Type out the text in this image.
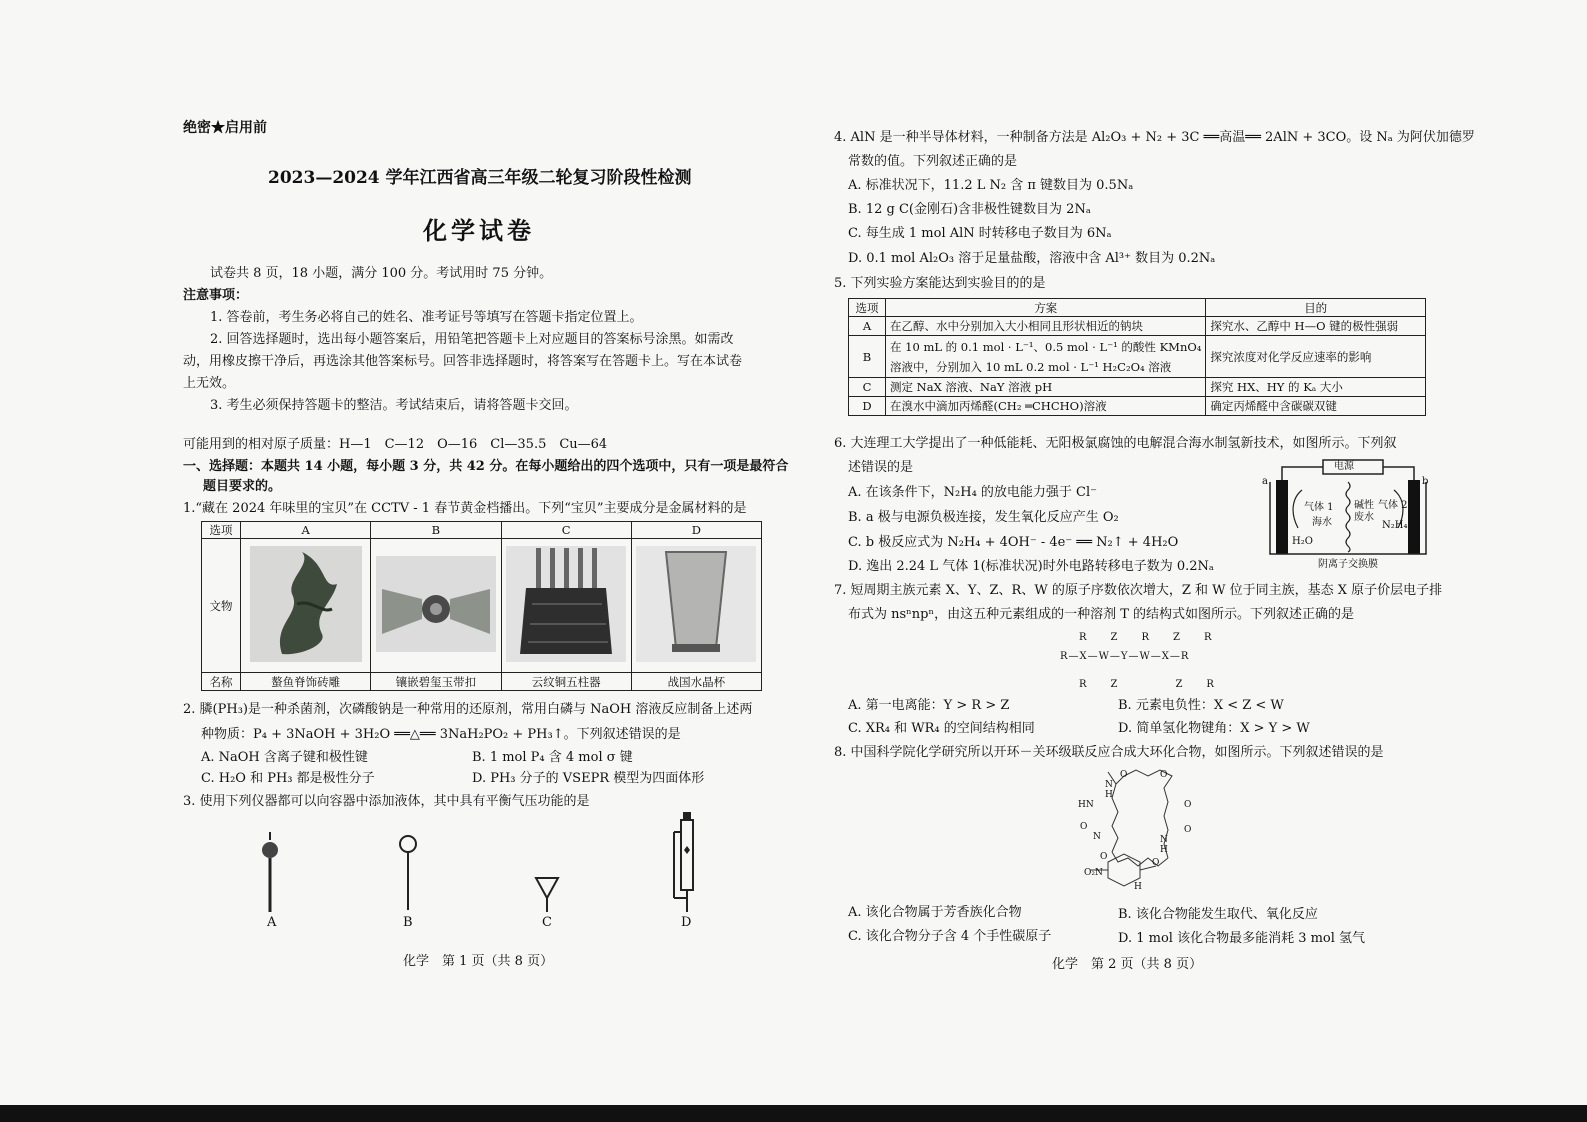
绝密★启用前
2023—2024 学年江西省高三年级二轮复习阶段性检测
化学试卷
试卷共 8 页，18 小题，满分 100 分。考试用时 75 分钟。
注意事项：
1. 答卷前，考生务必将自己的姓名、准考证号等填写在答题卡指定位置上。
2. 回答选择题时，选出每小题答案后，用铅笔把答题卡上对应题目的答案标号涂黑。如需改
动，用橡皮擦干净后，再选涂其他答案标号。回答非选择题时，将答案写在答题卡上。写在本试卷
上无效。
3. 考生必须保持答题卡的整洁。考试结束后，请将答题卡交回。
可能用到的相对原子质量：H—1　C—12　O—16　Cl—35.5　Cu—64
一、选择题：本题共 14 小题，每小题 3 分，共 42 分。在每小题给出的四个选项中，只有一项是最符合
题目要求的。
1.“藏在 2024 年味里的宝贝”在 CCTV - 1 春节黄金档播出。下列“宝贝”主要成分是金属材料的是
选项	A	B	C	D
文物				
名称	螯鱼脊饰砖雕	镶嵌碧玺玉带扣	云纹铜五柱器	战国水晶杯
2. 膦(PH₃)是一种杀菌剂，次磷酸钠是一种常用的还原剂，常用白磷与 NaOH 溶液反应制备上述两
种物质：P₄ + 3NaOH + 3H₂O ══△══ 3NaH₂PO₂ + PH₃↑。下列叙述错误的是
A. NaOH 含离子键和极性键	B. 1 mol P₄ 含 4 mol σ 键
C. H₂O 和 PH₃ 都是极性分子	D. PH₃ 分子的 VSEPR 模型为四面体形
3. 使用下列仪器都可以向容器中添加液体，其中具有平衡气压功能的是
A	B	C	D
化学　第 1 页（共 8 页）
4. AlN 是一种半导体材料，一种制备方法是 Al₂O₃ + N₂ + 3C ══高温══ 2AlN + 3CO。设 Nₐ 为阿伏加德罗
常数的值。下列叙述正确的是
A. 标准状况下，11.2 L N₂ 含 π 键数目为 0.5Nₐ
B. 12 g C(金刚石)含非极性键数目为 2Nₐ
C. 每生成 1 mol AlN 时转移电子数目为 6Nₐ
D. 0.1 mol Al₂O₃ 溶于足量盐酸，溶液中含 Al³⁺ 数目为 0.2Nₐ
5. 下列实验方案能达到实验目的的是
选项	方案	目的
A	在乙醇、水中分别加入大小相同且形状相近的钠块	探究水、乙醇中 H—O 键的极性强弱
B	在 10 mL 的 0.1 mol · L⁻¹、0.5 mol · L⁻¹ 的酸性 KMnO₄
溶液中，分别加入 10 mL 0.2 mol · L⁻¹ H₂C₂O₄ 溶液	探究浓度对化学反应速率的影响
C	测定 NaX 溶液、NaY 溶液 pH	探究 HX、HY 的 Kₐ 大小
D	在溴水中滴加丙烯醛(CH₂ ═CHCHO)溶液	确定丙烯醛中含碳碳双键
6. 大连理工大学提出了一种低能耗、无阳极氯腐蚀的电解混合海水制氢新技术，如图所示。下列叙
述错误的是
A. 在该条件下，N₂H₄ 的放电能力强于 Cl⁻
B. a 极与电源负极连接，发生氧化反应产生 O₂
C. b 极反应式为 N₂H₄ + 4OH⁻ - 4e⁻ ══ N₂↑ + 4H₂O
D. 逸出 2.24 L 气体 1(标准状况)时外电路转移电子数为 0.2Nₐ
电源
a	b
气体 1
海水
碱性
废水
气体 2
N₂H₄
H₂O
阴离子交换膜
7. 短周期主族元素 X、Y、Z、R、W 的原子序数依次增大，Z 和 W 位于同主族，基态 X 原子价层电子排
布式为 nsⁿnpⁿ，由这五种元素组成的一种溶剂 T 的结构式如图所示。下列叙述正确的是
R　Z　R　Z　R
R—X—W—Y—W—X—R
R　Z　　　Z　R
A. 第一电离能：Y > R > Z	B. 元素电负性：X < Z < W
C. XR₄ 和 WR₄ 的空间结构相同	D. 简单氢化物键角：X > Y > W
8. 中国科学院化学研究所以开环－关环级联反应合成大环化合物，如图所示。下列叙述错误的是
N
H
O	O
HN
O
N
H
O
O
N
O
O₂N
O
H
A. 该化合物属于芳香族化合物	B. 该化合物能发生取代、氧化反应
C. 该化合物分子含 4 个手性碳原子	D. 1 mol 该化合物最多能消耗 3 mol 氢气
化学　第 2 页（共 8 页）
